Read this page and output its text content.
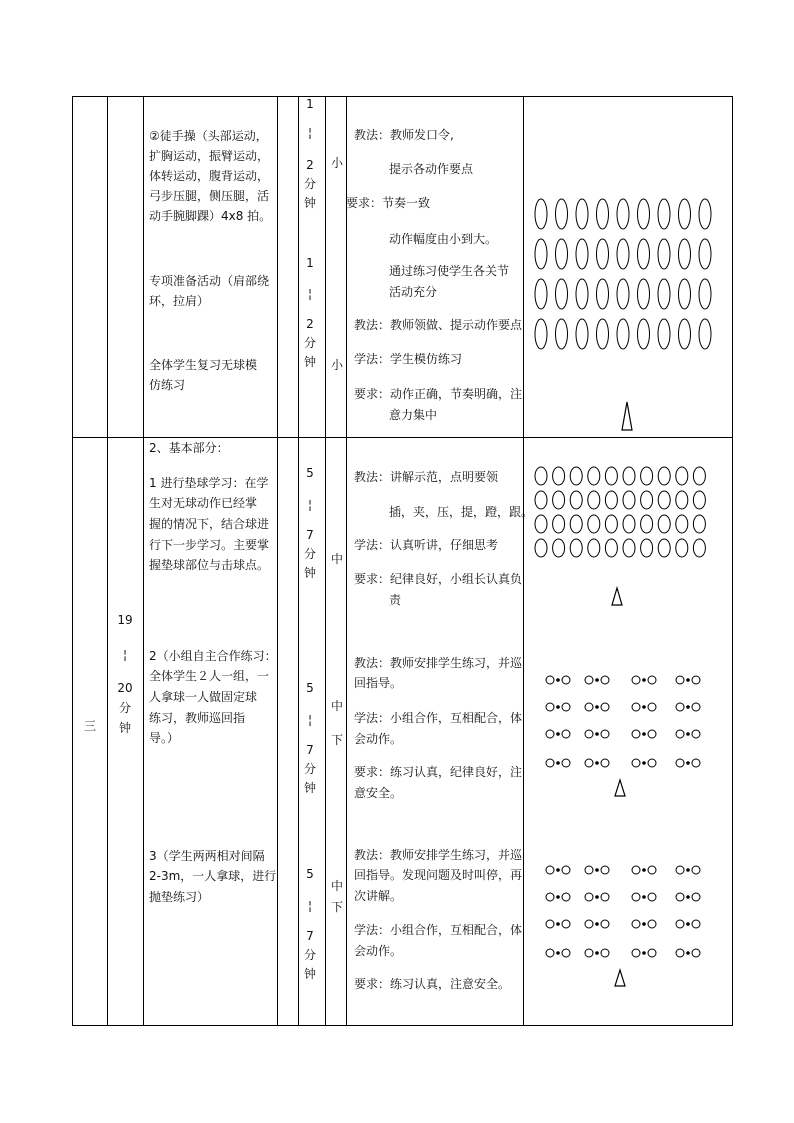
②徒手操（头部运动，
扩胸运动，振臂运动，
体转运动，腹背运动，
弓步压腿，侧压腿，活
动手腕脚踝）4x8 拍。
专项准备活动（肩部绕
环，拉肩）
全体学生复习无球模
仿练习
1
¦
2
分
钟
1
¦
2
分
钟
小
小
教法：教师发口令,
提示各动作要点
要求：节奏一致
动作幅度由小到大。
通过练习使学生各关节
活动充分
教法：教师领做、提示动作要点
学法：学生模仿练习
要求：动作正确，节奏明确，注
意力集中
三
19
¦
20
分
钟
2、基本部分：
1 进行垫球学习：在学
生对无球动作已经掌
握的情况下，结合球进
行下一步学习。主要掌
握垫球部位与击球点。
2（小组自主合作练习：
全体学生２人一组，一
人拿球一人做固定球
练习，教师巡回指
导。）
3（学生两两相对间隔
2-3m，一人拿球，进行
抛垫练习）
5
¦
7
分
钟
5
¦
7
分
钟
5
¦
7
分
钟
中
中
下
中
下
教法：讲解示范，点明要领
插，夹，压，提，蹬，跟。
学法：认真听讲，仔细思考
要求：纪律良好，小组长认真负
责
教法：教师安排学生练习，并巡
回指导。
学法：小组合作，互相配合，体
会动作。
要求：练习认真，纪律良好，注
意安全。
教法：教师安排学生练习，并巡
回指导。发现问题及时叫停，再
次讲解。
学法：小组合作，互相配合，体
会动作。
要求：练习认真，注意安全。
